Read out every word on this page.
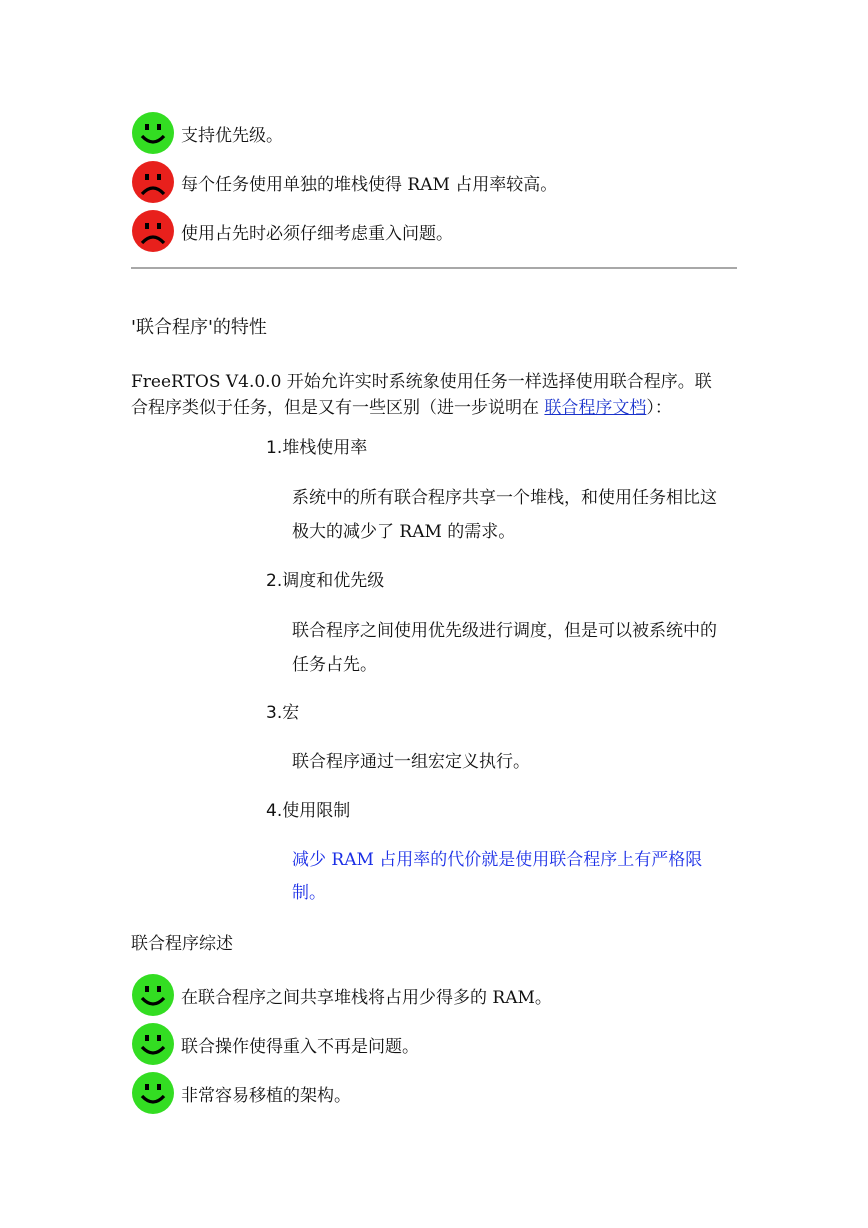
支持优先级。
每个任务使用单独的堆栈使得 RAM 占用率较高。
使用占先时必须仔细考虑重入问题。
'联合程序'的特性
FreeRTOS V4.0.0 开始允许实时系统象使用任务一样选择使用联合程序。联
合程序类似于任务，但是又有一些区别（进一步说明在 联合程序文档）：
1.堆栈使用率
系统中的所有联合程序共享一个堆栈，和使用任务相比这
极大的减少了 RAM 的需求。
2.调度和优先级
联合程序之间使用优先级进行调度，但是可以被系统中的
任务占先。
3.宏
联合程序通过一组宏定义执行。
4.使用限制
减少 RAM 占用率的代价就是使用联合程序上有严格限
制。
联合程序综述
在联合程序之间共享堆栈将占用少得多的 RAM。
联合操作使得重入不再是问题。
非常容易移植的架构。
